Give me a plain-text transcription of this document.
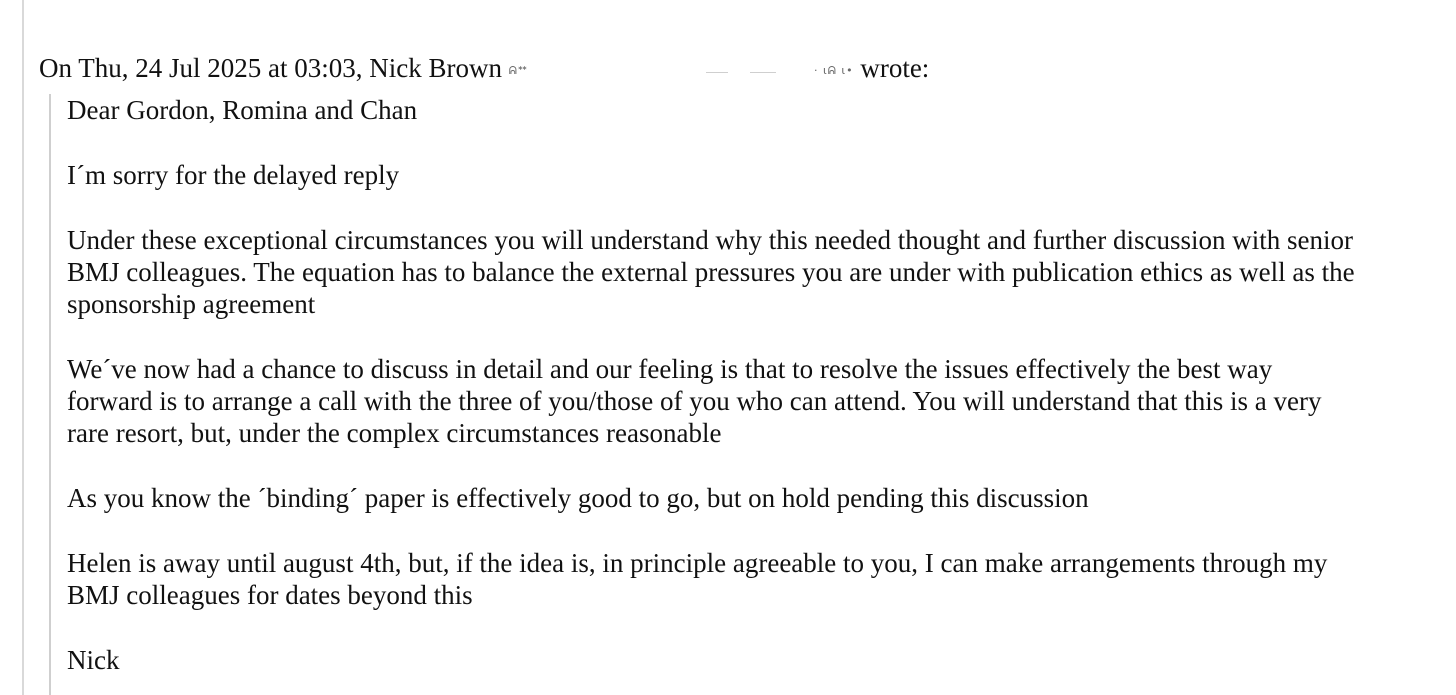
On Thu, 24 Jul 2025 at 03:03, Nick Brown ᕱᕯ	· ɩᕱ ɩ• wrote:
Dear Gordon, Romina and Chan
I´m sorry for the delayed reply
Under these exceptional circumstances you will understand why this needed thought and further discussion with senior
BMJ colleagues. The equation has to balance the external pressures you are under with publication ethics as well as the
sponsorship agreement
We´ve now had a chance to discuss in detail and our feeling is that to resolve the issues effectively the best way
forward is to arrange a call with the three of you/those of you who can attend. You will understand that this is a very
rare resort, but, under the complex circumstances reasonable
As you know the ´binding´ paper is effectively good to go, but on hold pending this discussion
Helen is away until august 4th, but, if the idea is, in principle agreeable to you, I can make arrangements through my
BMJ colleagues for dates beyond this
Nick
